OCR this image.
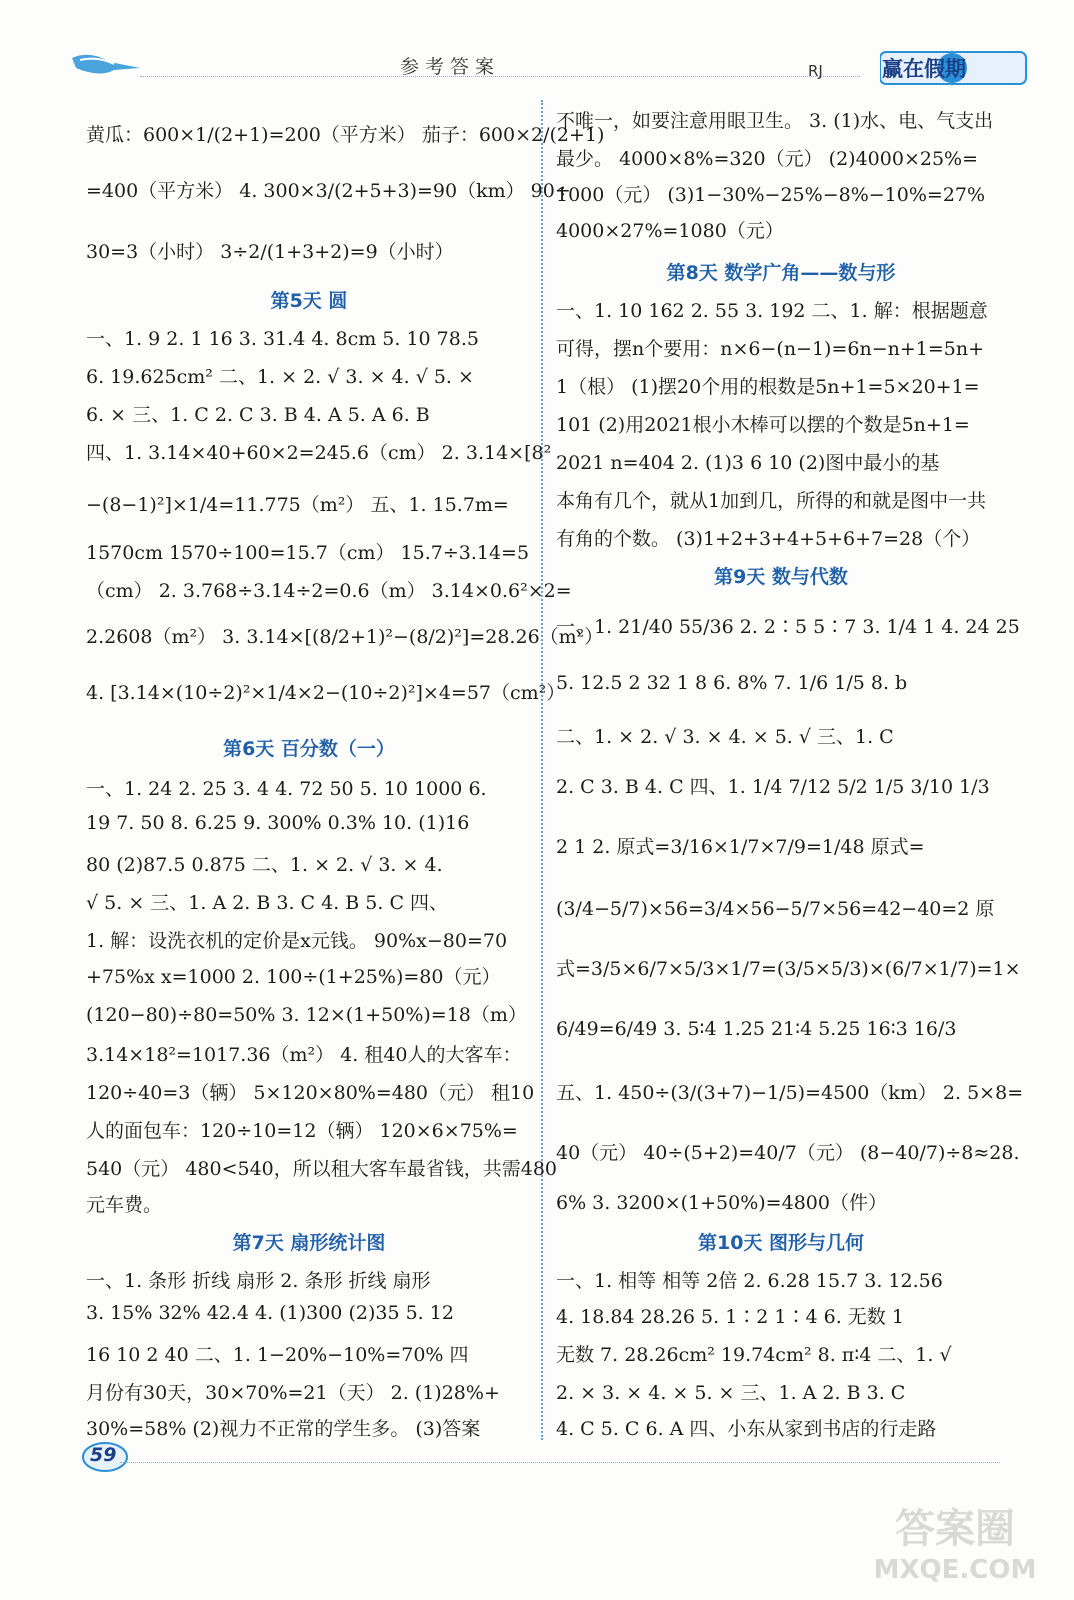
参考答案	RJ	赢在假期
黄瓜：600×1/(2+1)=200（平方米） 茄子：600×2/(2+1)
=400（平方米） 4. 300×3/(2+5+3)=90（km） 90÷
30=3（小时） 3÷2/(1+3+2)=9（小时）
第5天 圆
一、1. 9 2. 1 16 3. 31.4 4. 8cm 5. 10 78.5
6. 19.625cm² 二、1. × 2. √ 3. × 4. √ 5. ×
6. × 三、1. C 2. C 3. B 4. A 5. A 6. B
四、1. 3.14×40+60×2=245.6（cm） 2. 3.14×[8²
−(8−1)²]×1/4=11.775（m²） 五、1. 15.7m=
1570cm 1570÷100=15.7（cm） 15.7÷3.14=5
（cm） 2. 3.768÷3.14÷2=0.6（m） 3.14×0.6²×2=
2.2608（m²） 3. 3.14×[(8/2+1)²−(8/2)²]=28.26（m²）
4. [3.14×(10÷2)²×1/4×2−(10÷2)²]×4=57（cm²）
第6天 百分数（一）
一、1. 24 2. 25 3. 4 4. 72 50 5. 10 1000 6.
19 7. 50 8. 6.25 9. 300% 0.3% 10. (1)16
80 (2)87.5 0.875 二、1. × 2. √ 3. × 4.
√ 5. × 三、1. A 2. B 3. C 4. B 5. C 四、
1. 解：设洗衣机的定价是x元钱。 90%x−80=70
+75%x x=1000 2. 100÷(1+25%)=80（元）
(120−80)÷80=50% 3. 12×(1+50%)=18（m）
3.14×18²=1017.36（m²） 4. 租40人的大客车：
120÷40=3（辆） 5×120×80%=480（元） 租10
人的面包车：120÷10=12（辆） 120×6×75%=
540（元） 480<540，所以租大客车最省钱，共需480
元车费。
第7天 扇形统计图
一、1. 条形 折线 扇形 2. 条形 折线 扇形
3. 15% 32% 42.4 4. (1)300 (2)35 5. 12
16 10 2 40 二、1. 1−20%−10%=70% 四
月份有30天，30×70%=21（天） 2. (1)28%+
30%=58% (2)视力不正常的学生多。 (3)答案
不唯一，如要注意用眼卫生。 3. (1)水、电、气支出
最少。 4000×8%=320（元） (2)4000×25%=
1000（元） (3)1−30%−25%−8%−10%=27%
4000×27%=1080（元）
第8天 数学广角——数与形
一、1. 10 162 2. 55 3. 192 二、1. 解：根据题意
可得，摆n个要用：n×6−(n−1)=6n−n+1=5n+
1（根） (1)摆20个用的根数是5n+1=5×20+1=
101 (2)用2021根小木棒可以摆的个数是5n+1=
2021 n=404 2. (1)3 6 10 (2)图中最小的基
本角有几个，就从1加到几，所得的和就是图中一共
有角的个数。 (3)1+2+3+4+5+6+7=28（个）
第9天 数与代数
一、1. 21/40 55/36 2. 2∶5 5∶7 3. 1/4 1 4. 24 25
5. 12.5 2 32 1 8 6. 8% 7. 1/6 1/5 8. b
二、1. × 2. √ 3. × 4. × 5. √ 三、1. C
2. C 3. B 4. C 四、1. 1/4 7/12 5/2 1/5 3/10 1/3
2 1 2. 原式=3/16×1/7×7/9=1/48 原式=
(3/4−5/7)×56=3/4×56−5/7×56=42−40=2 原
式=3/5×6/7×5/3×1/7=(3/5×5/3)×(6/7×1/7)=1×
6/49=6/49 3. 5∶4 1.25 21∶4 5.25 16∶3 16/3
五、1. 450÷(3/(3+7)−1/5)=4500（km） 2. 5×8=
40（元） 40÷(5+2)=40/7（元） (8−40/7)÷8≈28.
6% 3. 3200×(1+50%)=4800（件）
第10天 图形与几何
一、1. 相等 相等 2倍 2. 6.28 15.7 3. 12.56
4. 18.84 28.26 5. 1∶2 1∶4 6. 无数 1
无数 7. 28.26cm² 19.74cm² 8. π∶4 二、1. √
2. × 3. × 4. × 5. × 三、1. A 2. B 3. C
4. C 5. C 6. A 四、小东从家到书店的行走路
59
答案圈
MXQE.COM
